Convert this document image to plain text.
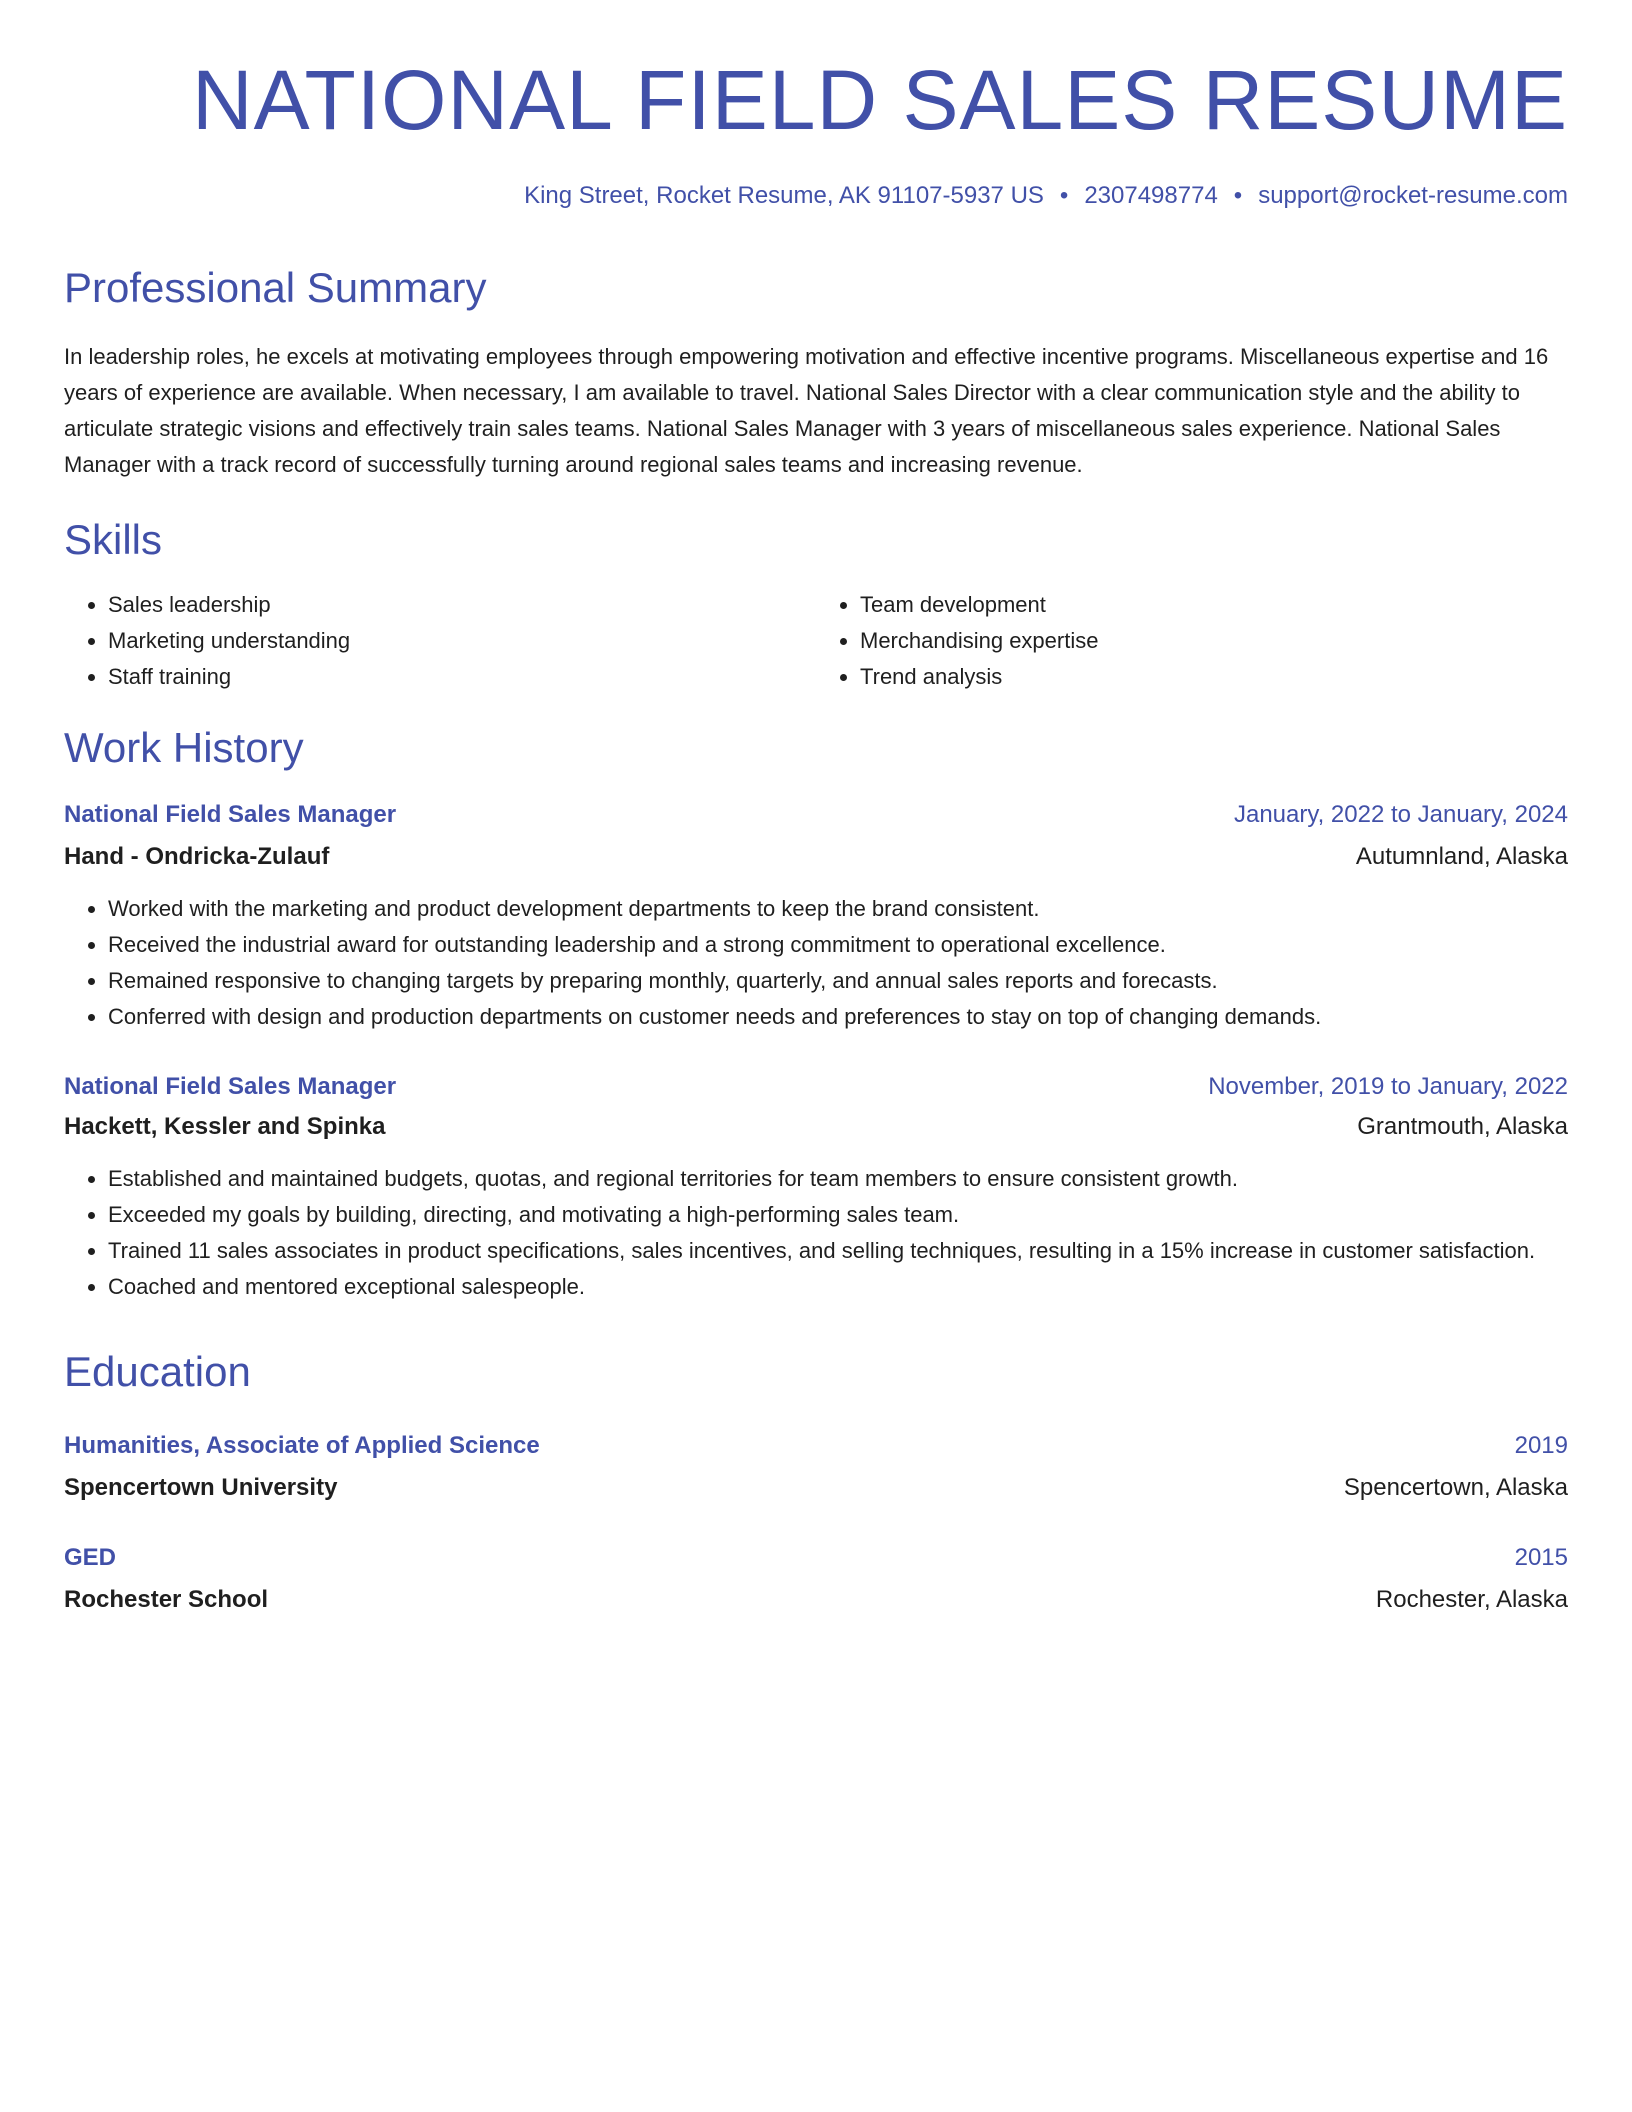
NATIONAL FIELD SALES RESUME
King Street, Rocket Resume, AK 91107-5937 US • 2307498774 • support@rocket-resume.com
Professional Summary
In leadership roles, he excels at motivating employees through empowering motivation and effective incentive programs. Miscellaneous expertise and 16 years of experience are available. When necessary, I am available to travel. National Sales Director with a clear communication style and the ability to articulate strategic visions and effectively train sales teams. National Sales Manager with 3 years of miscellaneous sales experience. National Sales Manager with a track record of successfully turning around regional sales teams and increasing revenue.
Skills
• Sales leadership
• Marketing understanding
• Staff training
• Team development
• Merchandising expertise
• Trend analysis
Work History
National Field Sales Manager	January, 2022 to January, 2024
Hand - Ondricka-Zulauf	Autumnland, Alaska
• Worked with the marketing and product development departments to keep the brand consistent.
• Received the industrial award for outstanding leadership and a strong commitment to operational excellence.
• Remained responsive to changing targets by preparing monthly, quarterly, and annual sales reports and forecasts.
• Conferred with design and production departments on customer needs and preferences to stay on top of changing demands.
National Field Sales Manager	November, 2019 to January, 2022
Hackett, Kessler and Spinka	Grantmouth, Alaska
• Established and maintained budgets, quotas, and regional territories for team members to ensure consistent growth.
• Exceeded my goals by building, directing, and motivating a high-performing sales team.
• Trained 11 sales associates in product specifications, sales incentives, and selling techniques, resulting in a 15% increase in customer satisfaction.
• Coached and mentored exceptional salespeople.
Education
Humanities, Associate of Applied Science	2019
Spencertown University	Spencertown, Alaska
GED	2015
Rochester School	Rochester, Alaska
